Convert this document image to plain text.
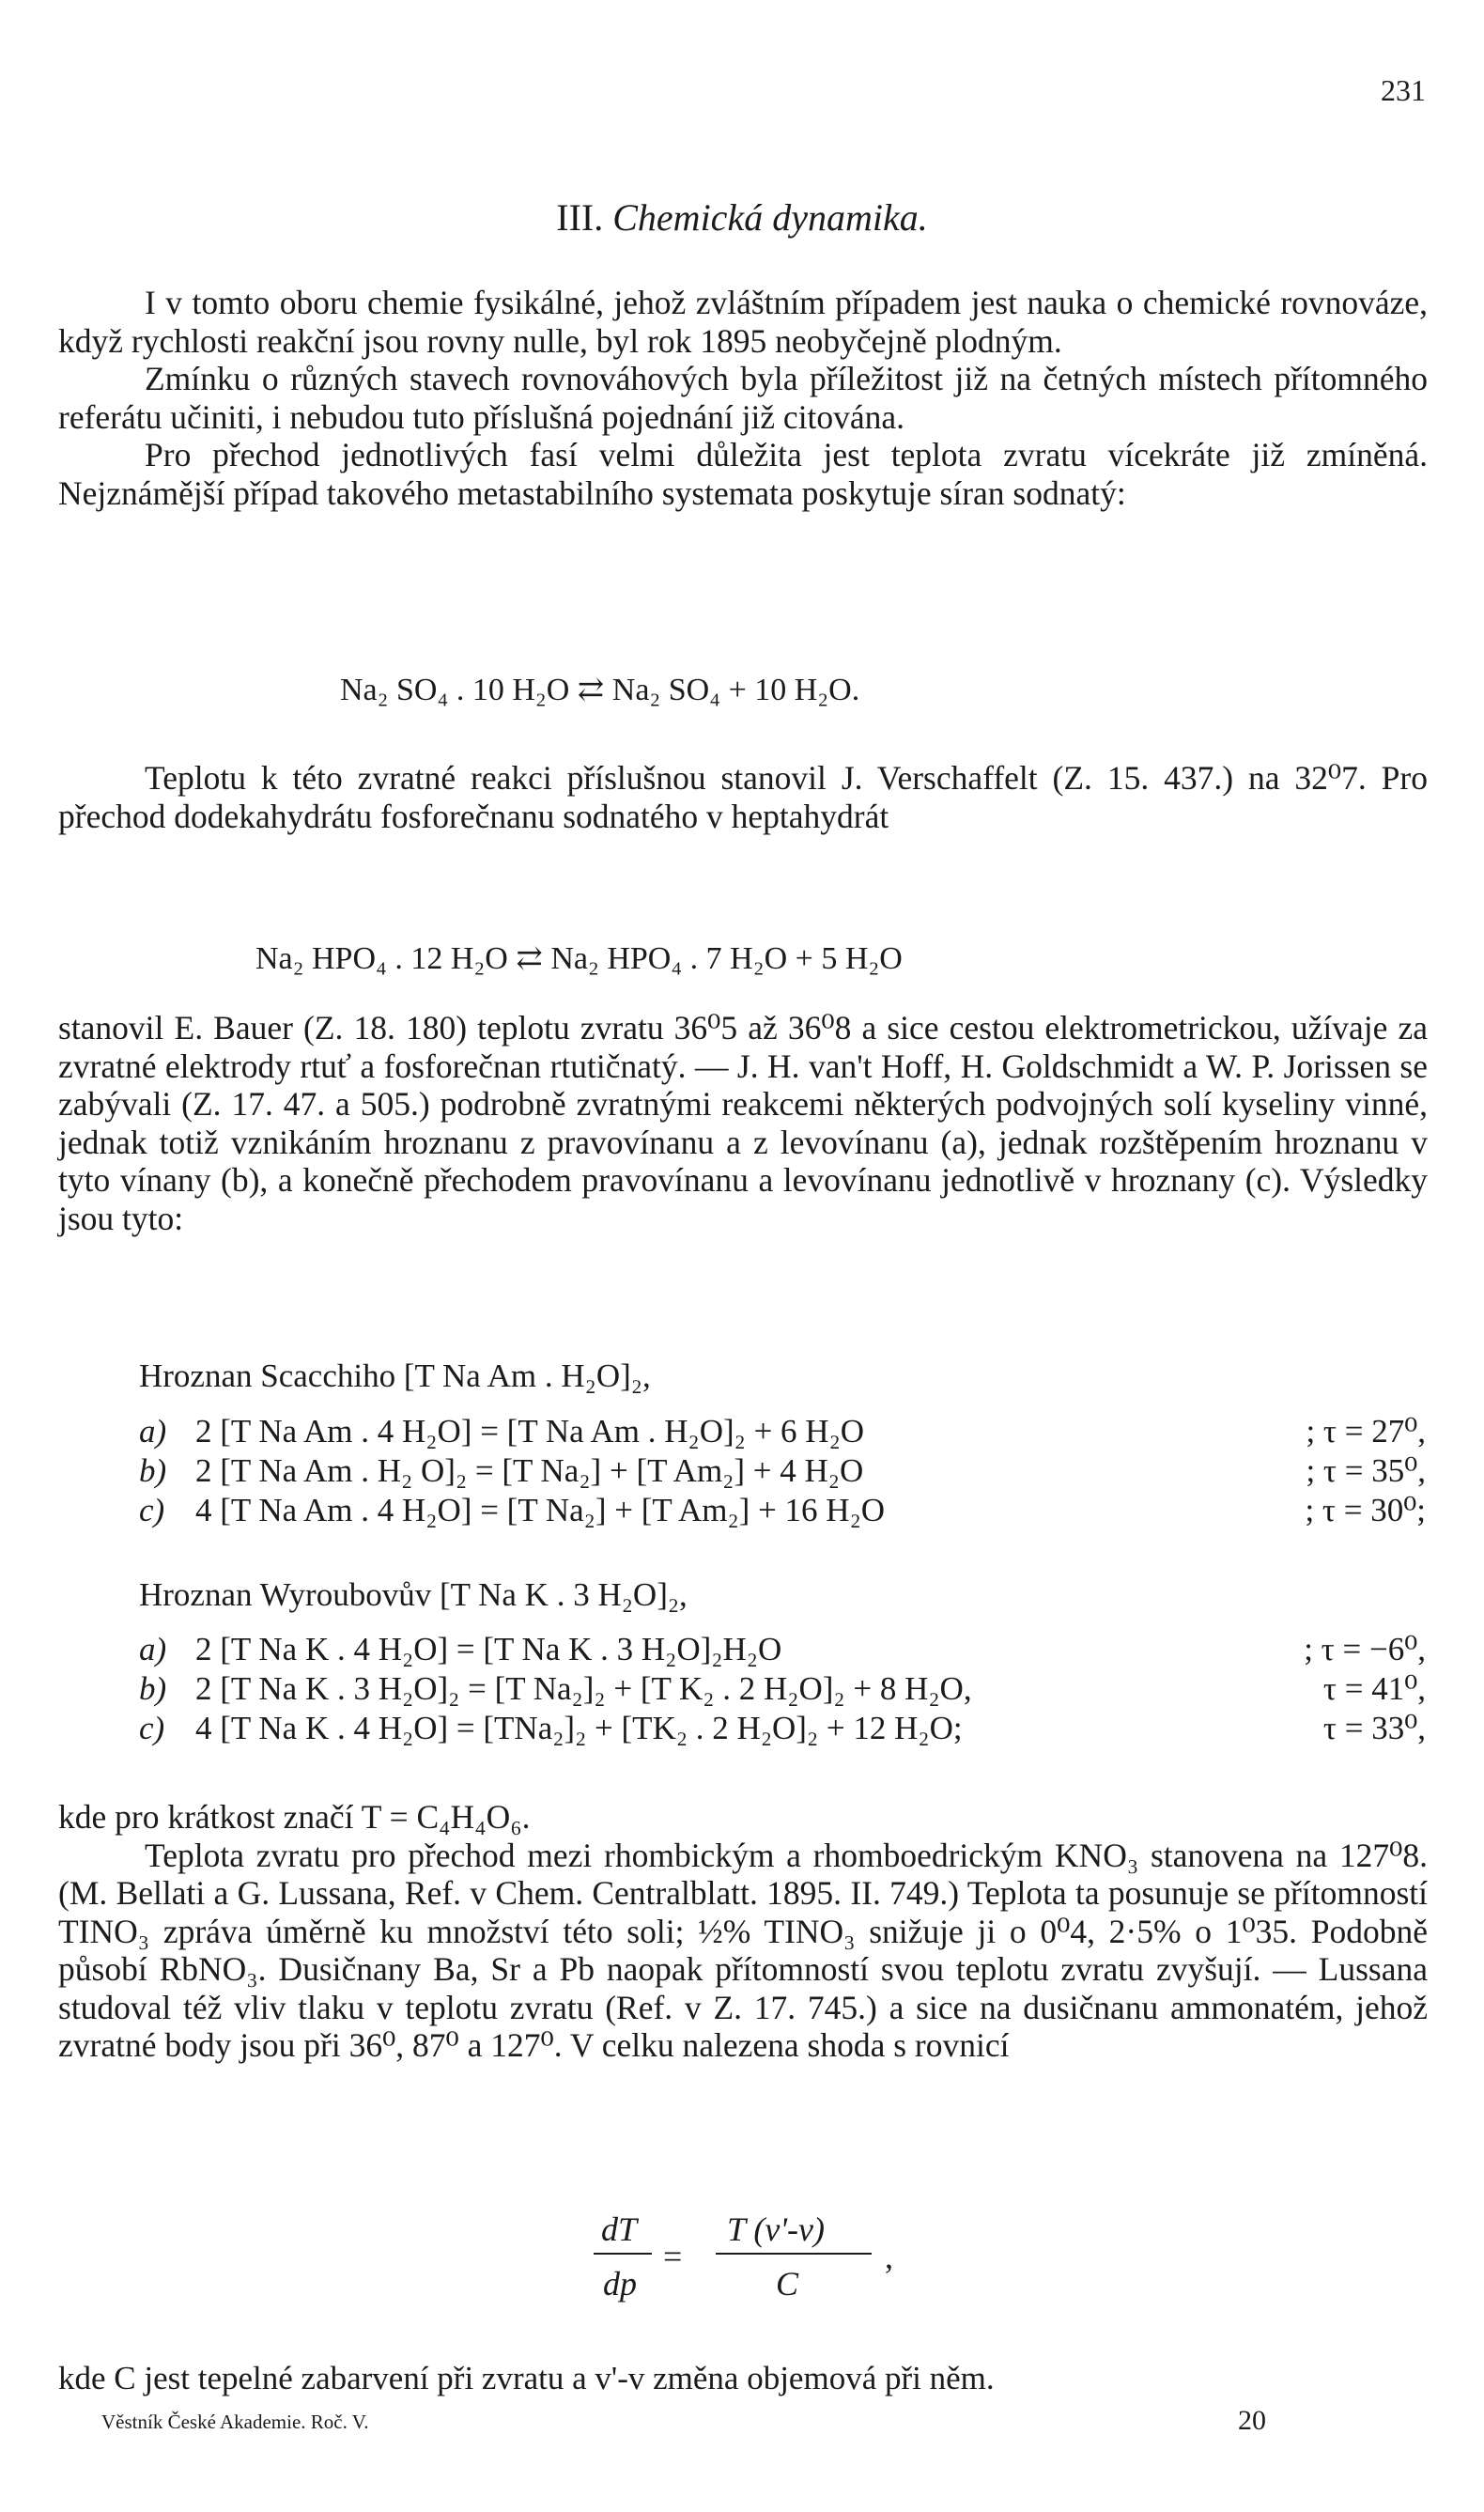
231
III. Chemická dynamika.

I v tomto oboru chemie fysikálné, jehož zvláštním případem jest nauka o chemické rovnováze, když rychlosti reakční jsou rovny nulle, byl rok 1895 neobyčejně plodným.

Zmínku o různých stavech rovnováhových byla příležitost již na četných místech přítomného referátu učiniti, i nebudou tuto příslušná pojednání již citována.

Pro přechod jednotlivých fasí velmi důležita jest teplota zvratu vícekráte již zmíněná. Nejznámější případ takového metastabilního systemata poskytuje síran sodnatý:

Na₂ SO₄ . 10 H₂O ⇄ Na₂ SO₄ + 10 H₂O.

Teplotu k této zvratné reakci příslušnou stanovil J. Verschaffelt (Z. 15. 437.) na 32⁰7. Pro přechod dodekahydrátu fosforečnanu sodnatého v heptahydrát

Na₂ HPO₄ . 12 H₂O ⇄ Na₂ HPO₄ . 7 H₂O + 5 H₂O

stanovil E. Bauer (Z. 18. 180) teplotu zvratu 36⁰5 až 36⁰8 a sice cestou elektrometrickou, užívaje za zvratné elektrody rtuť a fosforečnan rtutičnatý. — J. H. van't Hoff, H. Goldschmidt a W. P. Jorissen se zabývali (Z. 17. 47. a 505.) podrobně zvratnými reakcemi některých podvojných solí kyseliny vinné, jednak totiž vznikáním hroznanu z pravovínanu a z levovínanu (a), jednak rozštěpením hroznanu v tyto vínany (b), a konečně přechodem pravovínanu a levovínanu jednotlivě v hroznany (c). Výsledky jsou tyto:

Hroznan Scacchiho [T Na Am . H₂O]₂,
a) 2 [T Na Am . 4 H₂O] = [T Na Am . H₂O]₂ + 6 H₂O	; τ = 27⁰,
b) 2 [T Na Am . H₂ O]₂ = [T Na₂] + [T Am₂] + 4 H₂O	; τ = 35⁰,
c) 4 [T Na Am . 4 H₂O] = [T Na₂] + [T Am₂] + 16 H₂O	; τ = 30⁰;
Hroznan Wyroubovův [T Na K . 3 H₂O]₂,
a) 2 [T Na K . 4 H₂O] = [T Na K . 3 H₂O]₂H₂O	; τ = −6⁰,
b) 2 [T Na K . 3 H₂O]₂ = [T Na₂]₂ + [T K₂ . 2 H₂O]₂ + 8 H₂O,	τ = 41⁰,
c) 4 [T Na K . 4 H₂O] = [TNa₂]₂ + [TK₂ . 2 H₂O]₂ + 12 H₂O;	τ = 33⁰,

kde pro krátkost značí T = C₄H₄O₆.

Teplota zvratu pro přechod mezi rhombickým a rhomboedrickým KNO₃ stanovena na 127⁰8. (M. Bellati a G. Lussana, Ref. v Chem. Centralblatt. 1895. II. 749.) Teplota ta posunuje se přítomností TINO₃ zpráva úměrně ku množství této soli; ½% TINO₃ snižuje ji o 0⁰4, 2·5% o 1⁰35. Podobně působí RbNO₃. Dusičnany Ba, Sr a Pb naopak přítomností svou teplotu zvratu zvyšují. — Lussana studoval též vliv tlaku v teplotu zvratu (Ref. v Z. 17. 745.) a sice na dusičnanu ammonatém, jehož zvratné body jsou při 36⁰, 87⁰ a 127⁰. V celku nalezena shoda s rovnicí

dT
dp
=
T (v'-v)
C
,
kde C jest tepelné zabarvení při zvratu a v'-v změna objemová při něm.
Věstník České Akademie. Roč. V.	20
